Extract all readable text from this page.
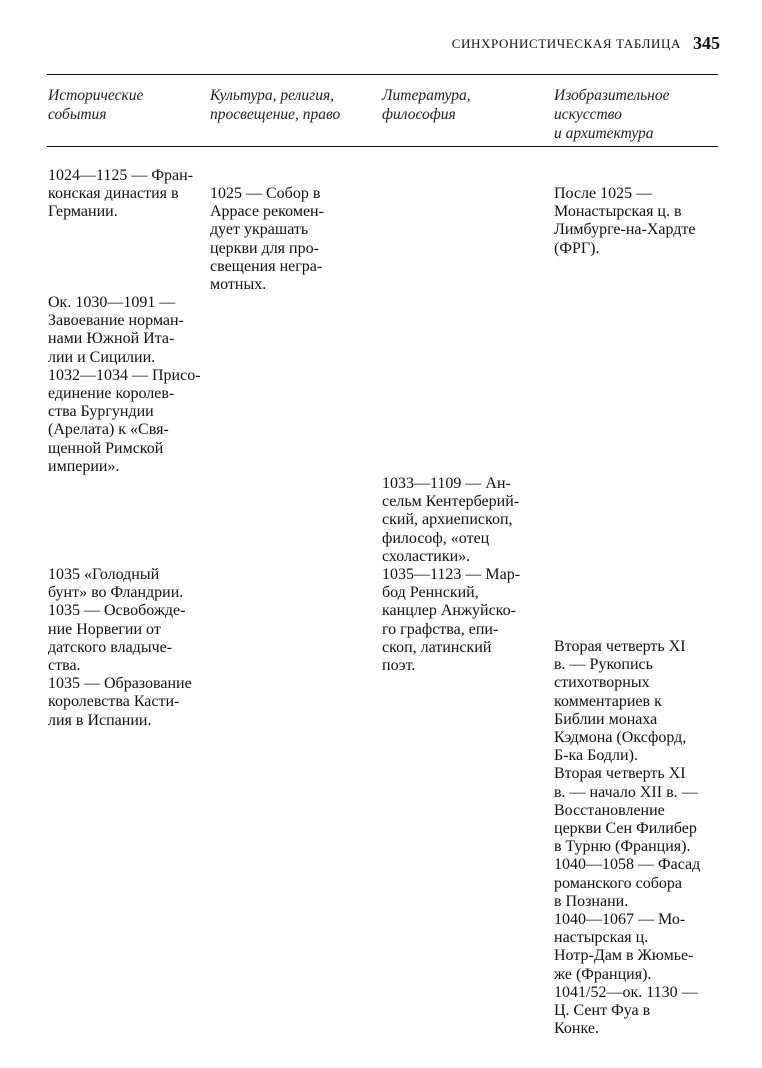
СИНХРОНИСТИЧЕСКАЯ ТАБЛИЦА 345
Исторические
события
Культура, религия,
просвещение, право
Литература,
философия
Изобразительное
искусство
и архитектура

1024—1125 — Фран-
конская династия в
Германии.

Ок. 1030—1091 —
Завоевание норман-
нами Южной Ита-
лии и Сицилии.
1032—1034 — Присо-
единение королев-
ства Бургундии
(Арелата) к «Свя-
щенной Римской
империи».

1035 «Голодный
бунт» во Фландрии.
1035 — Освобожде-
ние Норвегии от
датского владыче-
ства.
1035 — Образование
королевства Касти-
лия в Испании.

1025 — Собор в
Аррасе рекомен-
дует украшать
церкви для про-
свещения негра-
мотных.

1033—1109 — Ан-
сельм Кентерберий-
ский, архиепископ,
философ, «отец
схоластики».
1035—1123 — Мар-
бод Реннский,
канцлер Анжуйско-
го графства, епи-
скоп, латинский
поэт.

После 1025 —
Монастырская ц. в
Лимбурге-на-Хардте
(ФРГ).

Вторая четверть XI
в. — Рукопись
стихотворных
комментариев к
Библии монаха
Кэдмона (Оксфорд,
Б-ка Бодли).
Вторая четверть XI
в. — начало XII в. —
Восстановление
церкви Сен Филибер
в Турню (Франция).
1040—1058 — Фасад
романского собора
в Познани.
1040—1067 — Мо-
настырская ц.
Нотр-Дам в Жюмье-
же (Франция).
1041/52—ок. 1130 —
Ц. Сент Фуа в
Конке.
